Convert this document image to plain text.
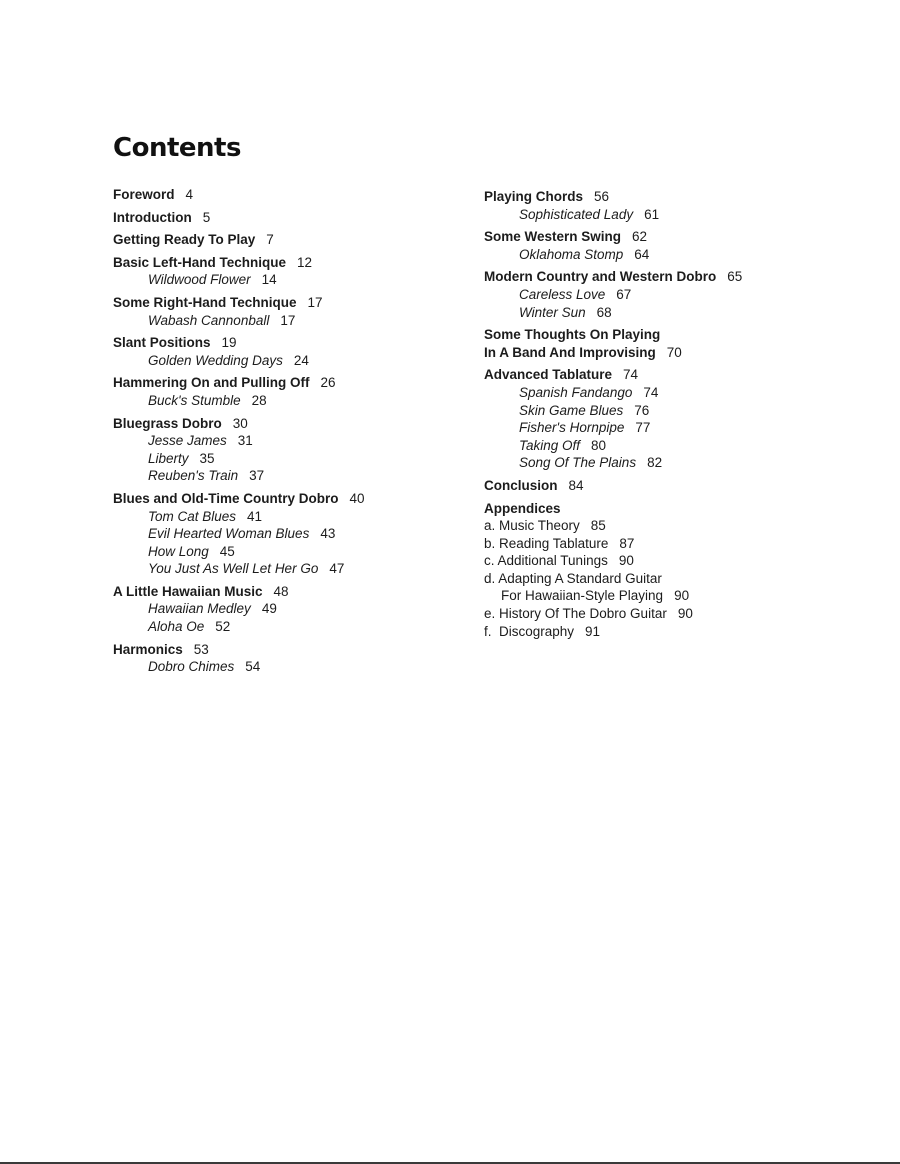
Contents
Foreword 4
Introduction 5
Getting Ready To Play 7
Basic Left-Hand Technique 12
Wildwood Flower 14
Some Right-Hand Technique 17
Wabash Cannonball 17
Slant Positions 19
Golden Wedding Days 24
Hammering On and Pulling Off 26
Buck's Stumble 28
Bluegrass Dobro 30
Jesse James 31
Liberty 35
Reuben's Train 37
Blues and Old-Time Country Dobro 40
Tom Cat Blues 41
Evil Hearted Woman Blues 43
How Long 45
You Just As Well Let Her Go 47
A Little Hawaiian Music 48
Hawaiian Medley 49
Aloha Oe 52
Harmonics 53
Dobro Chimes 54
Playing Chords 56
Sophisticated Lady 61
Some Western Swing 62
Oklahoma Stomp 64
Modern Country and Western Dobro 65
Careless Love 67
Winter Sun 68
Some Thoughts On Playing
In A Band And Improvising 70
Advanced Tablature 74
Spanish Fandango 74
Skin Game Blues 76
Fisher's Hornpipe 77
Taking Off 80
Song Of The Plains 82
Conclusion 84
Appendices
a. Music Theory 85
b. Reading Tablature 87
c. Additional Tunings 90
d. Adapting A Standard Guitar
For Hawaiian-Style Playing 90
e. History Of The Dobro Guitar 90
f.  Discography 91
